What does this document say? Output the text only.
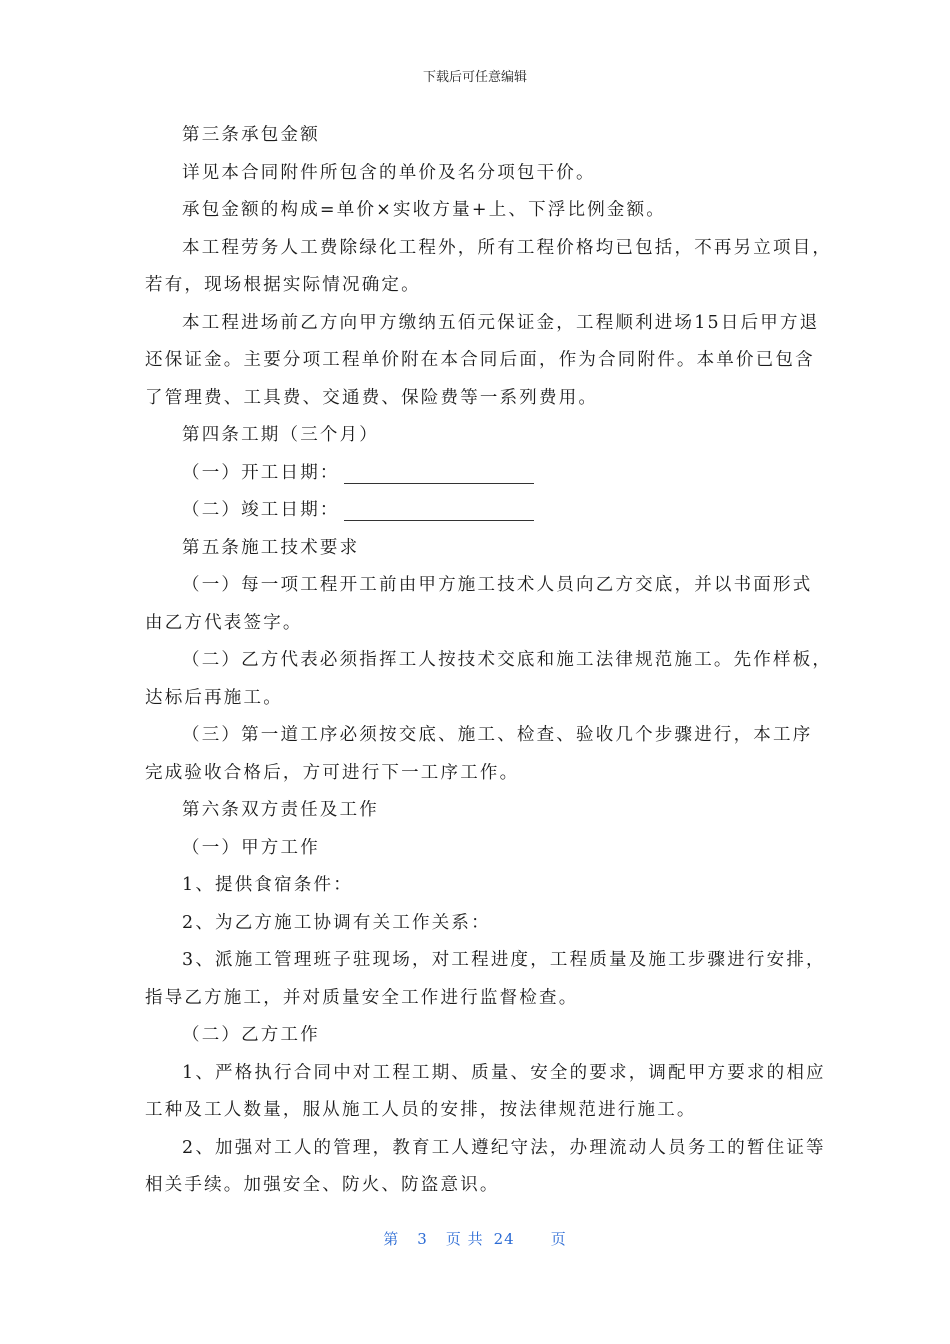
下载后可任意编辑

第三条承包金额

详见本合同附件所包含的单价及名分项包干价。

承包金额的构成=单价×实收方量+上、下浮比例金额。

本工程劳务人工费除绿化工程外，所有工程价格均已包括，不再另立项目，
若有，现场根据实际情况确定。

本工程进场前乙方向甲方缴纳五佰元保证金，工程顺利进场15日后甲方退
还保证金。主要分项工程单价附在本合同后面，作为合同附件。本单价已包含
了管理费、工具费、交通费、保险费等一系列费用。

第四条工期（三个月）

（一）开工日期：

（二）竣工日期：

第五条施工技术要求

（一）每一项工程开工前由甲方施工技术人员向乙方交底，并以书面形式
由乙方代表签字。

（二）乙方代表必须指挥工人按技术交底和施工法律规范施工。先作样板，
达标后再施工。

（三）第一道工序必须按交底、施工、检查、验收几个步骤进行，本工序
完成验收合格后，方可进行下一工序工作。

第六条双方责任及工作

（一）甲方工作

1、提供食宿条件：

2、为乙方施工协调有关工作关系：

3、派施工管理班子驻现场，对工程进度，工程质量及施工步骤进行安排，
指导乙方施工，并对质量安全工作进行监督检查。

（二）乙方工作

1、严格执行合同中对工程工期、质量、安全的要求，调配甲方要求的相应
工种及工人数量，服从施工人员的安排，按法律规范进行施工。

2、加强对工人的管理，教育工人遵纪守法，办理流动人员务工的暂住证等
相关手续。加强安全、防火、防盗意识。

第 3 页 共 24 页
